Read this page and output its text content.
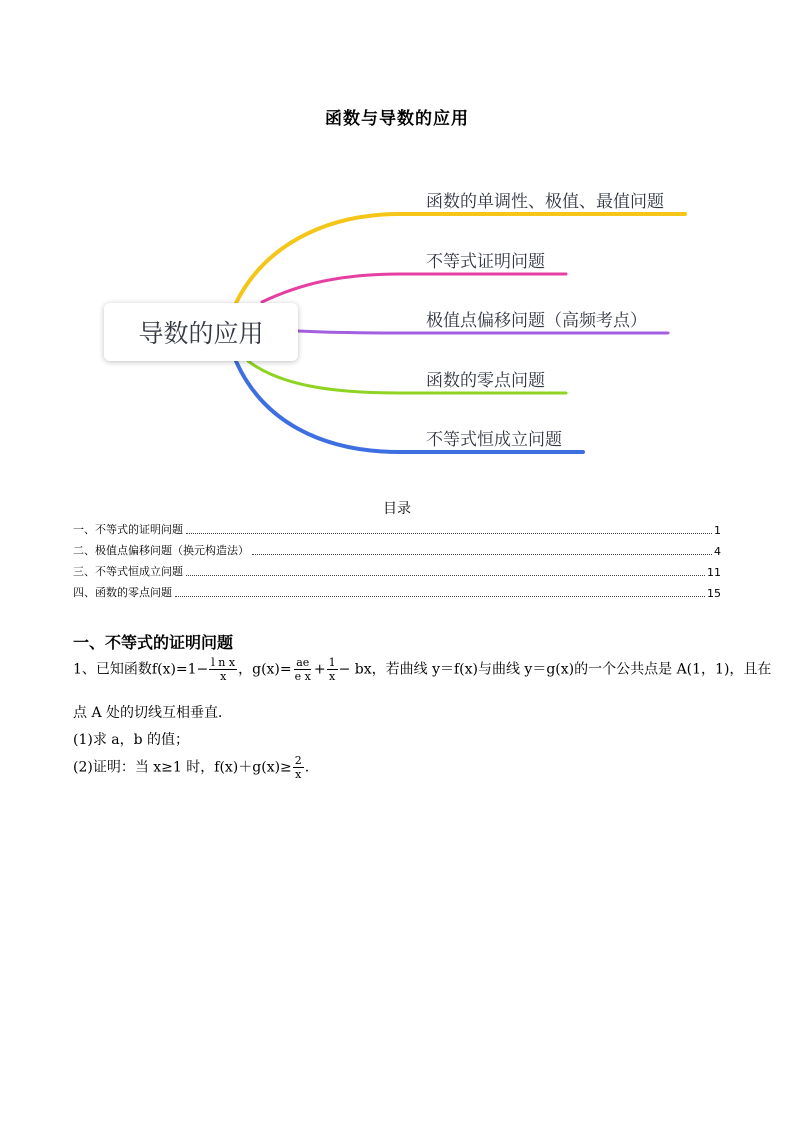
函数与导数的应用
导数的应用
函数的单调性、极值、最值问题
不等式证明问题
极值点偏移问题（高频考点）
函数的零点问题
不等式恒成立问题
目录
一、不等式的证明问题	1
二、极值点偏移问题（换元构造法）	4
三、不等式恒成立问题	11
四、函数的零点问题	15
一、不等式的证明问题
1、已知函数$f(x)=1- \frac{\text{l n x}}{x}$ ，$g(x)= \frac{ae}{\text{e x}} + \frac{1}{x}$ − bx，若曲线 y＝f(x)与曲线 y＝g(x)的一个公共点是 A(1，1)，且在
点 A 处的切线互相垂直．
(1)求 a，b 的值；
(2)证明：当 x≥1 时，$f(x)+g(x)\ge \frac{2}{x}$ .
